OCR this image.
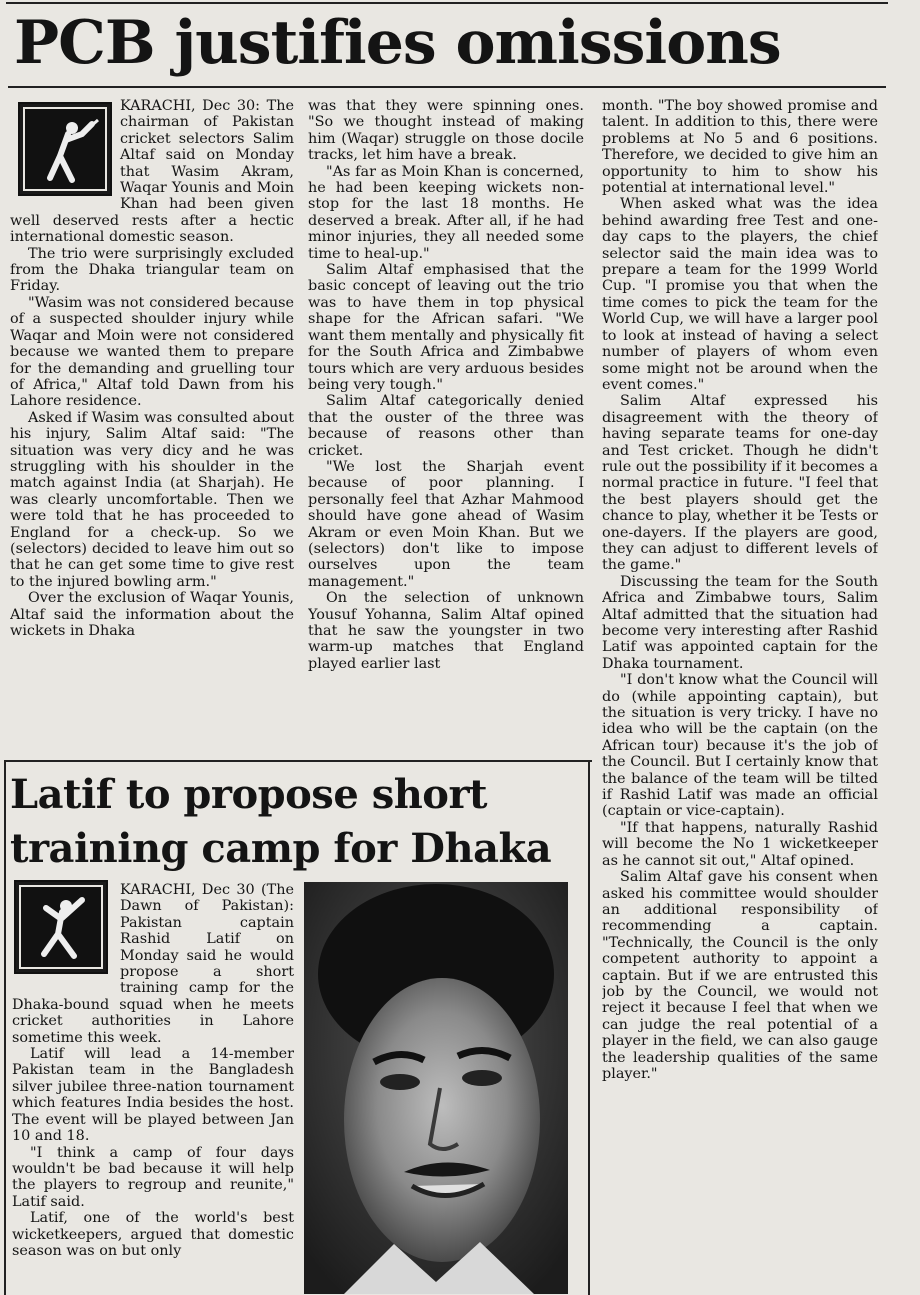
PCB justifies omissions

KARACHI, Dec 30: The chairman of Pakistan cricket selectors Salim Altaf said on Monday that Wasim Akram, Waqar Younis and Moin Khan had been given well deserved rests after a hectic international domestic season.

The trio were surprisingly excluded from the Dhaka triangular team on Friday.

"Wasim was not considered because of a suspected shoulder injury while Waqar and Moin were not considered because we wanted them to prepare for the demanding and gruelling tour of Africa," Altaf told Dawn from his Lahore residence.

Asked if Wasim was consulted about his injury, Salim Altaf said: "The situation was very dicy and he was struggling with his shoulder in the match against India (at Sharjah). He was clearly uncomfortable. Then we were told that he has proceeded to England for a check-up. So we (selectors) decided to leave him out so that he can get some time to give rest to the injured bowling arm."

Over the exclusion of Waqar Younis, Altaf said the information about the wickets in Dhaka

was that they were spinning ones. "So we thought instead of making him (Waqar) struggle on those docile tracks, let him have a break.

"As far as Moin Khan is concerned, he had been keeping wickets non-stop for the last 18 months. He deserved a break. After all, if he had minor injuries, they all needed some time to heal-up."

Salim Altaf emphasised that the basic concept of leaving out the trio was to have them in top physical shape for the African safari. "We want them mentally and physically fit for the South Africa and Zimbabwe tours which are very arduous besides being very tough."

Salim Altaf categorically denied that the ouster of the three was because of reasons other than cricket.

"We lost the Sharjah event because of poor planning. I personally feel that Azhar Mahmood should have gone ahead of Wasim Akram or even Moin Khan. But we (selectors) don't like to impose ourselves upon the team management."

On the selection of unknown Yousuf Yohanna, Salim Altaf opined that he saw the youngster in two warm-up matches that England played earlier last

month. "The boy showed promise and talent. In addition to this, there were problems at No 5 and 6 positions. Therefore, we decided to give him an opportunity to him to show his potential at international level."

When asked what was the idea behind awarding free Test and one-day caps to the players, the chief selector said the main idea was to prepare a team for the 1999 World Cup. "I promise you that when the time comes to pick the team for the World Cup, we will have a larger pool to look at instead of having a select number of players of whom even some might not be around when the event comes."

Salim Altaf expressed his disagreement with the theory of having separate teams for one-day and Test cricket. Though he didn't rule out the possibility if it becomes a normal practice in future. "I feel that the best players should get the chance to play, whether it be Tests or one-dayers. If the players are good, they can adjust to different levels of the game."

Discussing the team for the South Africa and Zimbabwe tours, Salim Altaf admitted that the situation had become very interesting after Rashid Latif was appointed captain for the Dhaka tournament.

"I don't know what the Council will do (while appointing captain), but the situation is very tricky. I have no idea who will be the captain (on the African tour) because it's the job of the Council. But I certainly know that the balance of the team will be tilted if Rashid Latif was made an official (captain or vice-captain).

"If that happens, naturally Rashid will become the No 1 wicketkeeper as he cannot sit out," Altaf opined.

Salim Altaf gave his consent when asked his committee would shoulder an additional responsibility of recommending a captain. "Technically, the Council is the only competent authority to appoint a captain. But if we are entrusted this job by the Council, we would not reject it because I feel that when we can judge the real potential of a player in the field, we can also gauge the leadership qualities of the same player."

Latif to propose short
training camp for Dhaka

KARACHI, Dec 30 (The Dawn of Pakistan): Pakistan captain Rashid Latif on Monday said he would propose a short training camp for the Dhaka-bound squad when he meets cricket authorities in Lahore sometime this week.

Latif will lead a 14-member Pakistan team in the Bangladesh silver jubilee three-nation tournament which features India besides the host. The event will be played between Jan 10 and 18.

"I think a camp of four days wouldn't be bad because it will help the players to regroup and reunite," Latif said.

Latif, one of the world's best wicketkeepers, argued that domestic season was on but only
